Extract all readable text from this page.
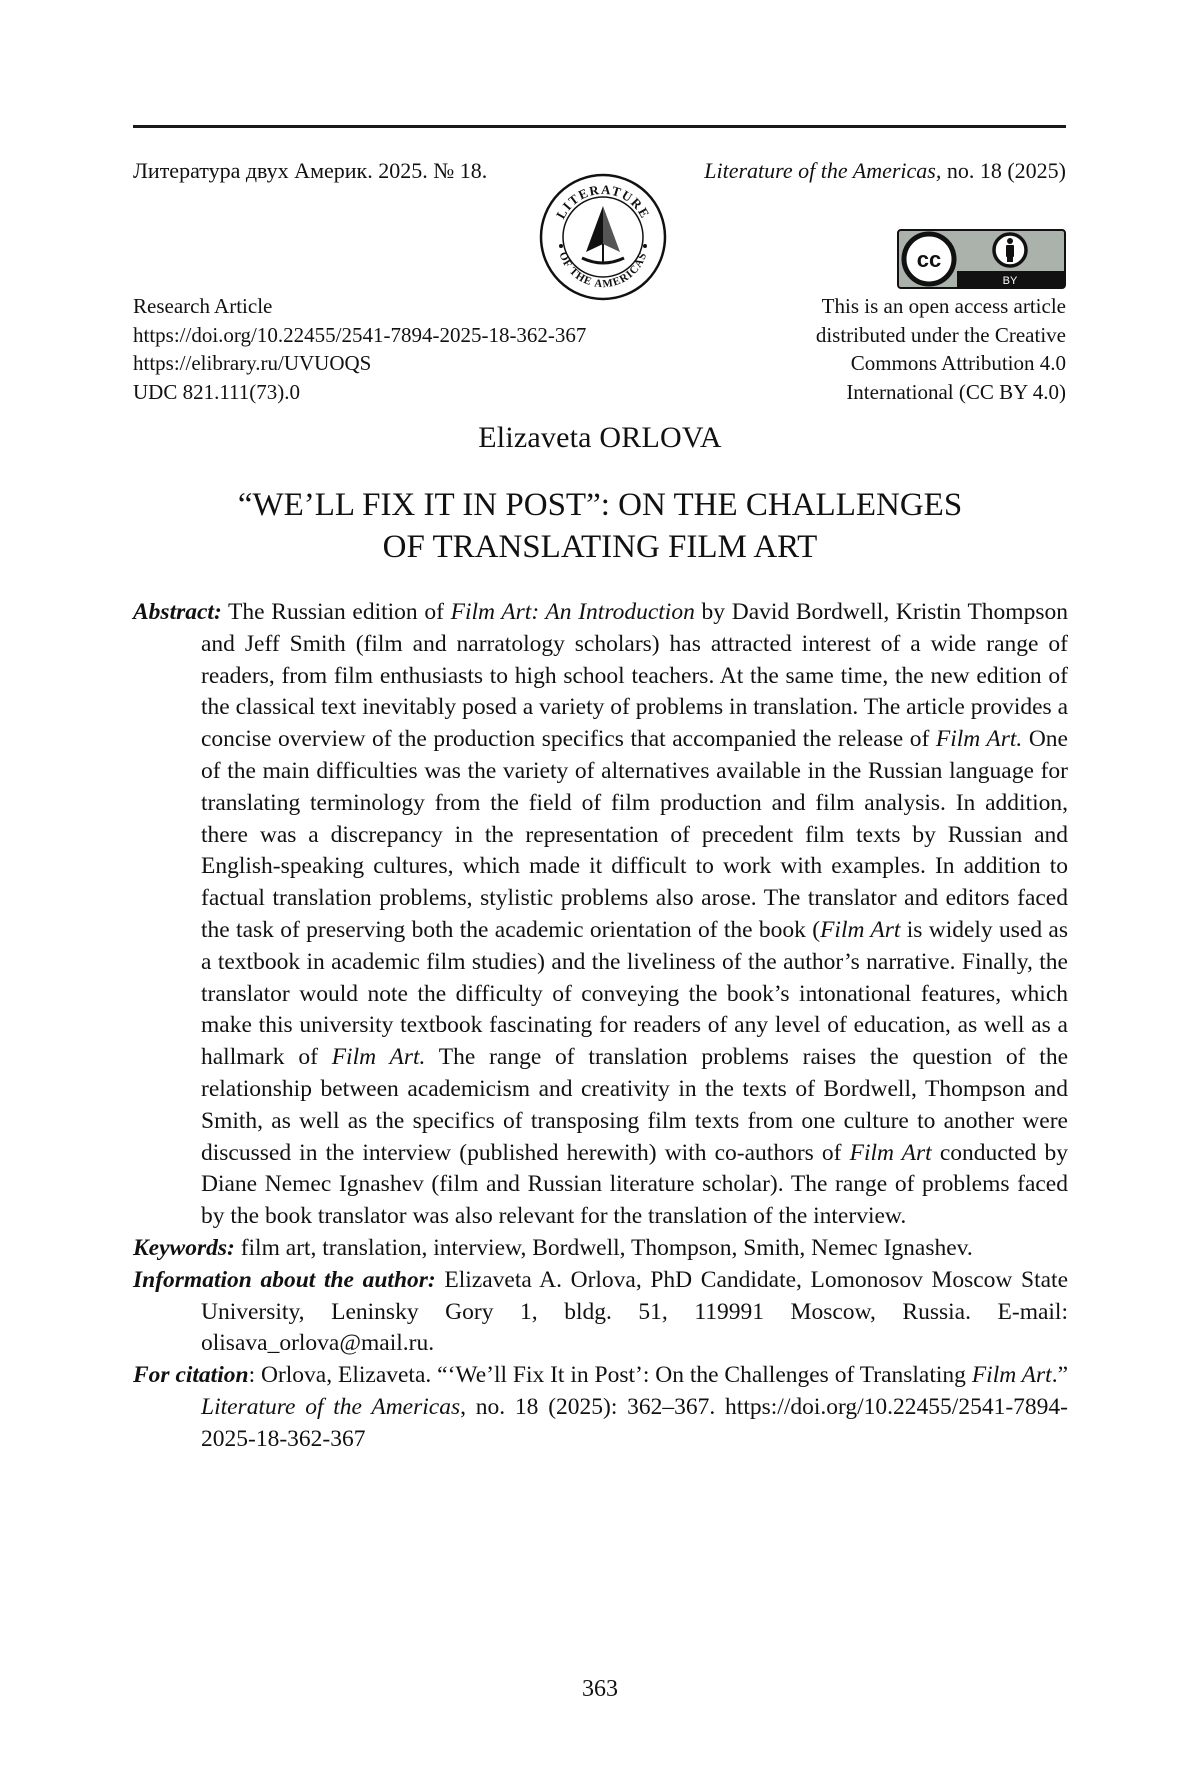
Литература двух Америк. 2025. № 18.	Literature of the Americas, no. 18 (2025)
LITERATURE
OF THE AMERICAS	cc
BY
Research Article
https://doi.org/10.22455/2541-7894-2025-18-362-367
https://elibrary.ru/UVUOQS
UDC 821.111(73).0
This is an open access article
distributed under the Creative
Commons Attribution 4.0
International (CC BY 4.0)
Elizaveta ORLOVA
“WE’LL FIX IT IN POST”: ON THE CHALLENGES
OF TRANSLATING FILM ART

Abstract: The Russian edition of Film Art: An Introduction by David Bordwell, Kristin Thompson and Jeff Smith (film and narratology scholars) has attracted interest of a wide range of readers, from film enthusiasts to high school teachers. At the same time, the new edition of the classical text inevitably posed a variety of problems in translation. The article provides a concise overview of the production specifics that accompanied the release of Film Art. One of the main difficulties was the variety of alternatives available in the Russian language for translating terminology from the field of film production and film analysis. In addition, there was a discrepancy in the representation of precedent film texts by Russian and English-speaking cultures, which made it difficult to work with examples. In addition to factual translation problems, stylistic problems also arose. The translator and editors faced the task of preserving both the academic orientation of the book (Film Art is widely used as a textbook in academic film studies) and the liveliness of the author’s narrative. Finally, the translator would note the difficulty of conveying the book’s intonational features, which make this university textbook fascinating for readers of any level of education, as well as a hallmark of Film Art. The range of translation problems raises the question of the relationship between academicism and creativity in the texts of Bordwell, Thompson and Smith, as well as the specifics of transposing film texts from one culture to another were discussed in the interview (published herewith) with co-authors of Film Art conducted by Diane Nemec Ignashev (film and Russian literature scholar). The range of problems faced by the book translator was also relevant for the translation of the interview.

Keywords: film art, translation, interview, Bordwell, Thompson, Smith, Nemec Ignashev.

Information about the author: Elizaveta A. Orlova, PhD Candidate, Lomonosov Moscow State University, Leninsky Gory 1, bldg. 51, 119991 Moscow, Russia. E-mail: olisava_orlova@mail.ru.

For citation: Orlova, Elizaveta. “‘We’ll Fix It in Post’: On the Challenges of Translating Film Art.” Literature of the Americas, no. 18 (2025): 362–367. https://doi.org/10.22455/2541-7894-2025-18-362-367

363
